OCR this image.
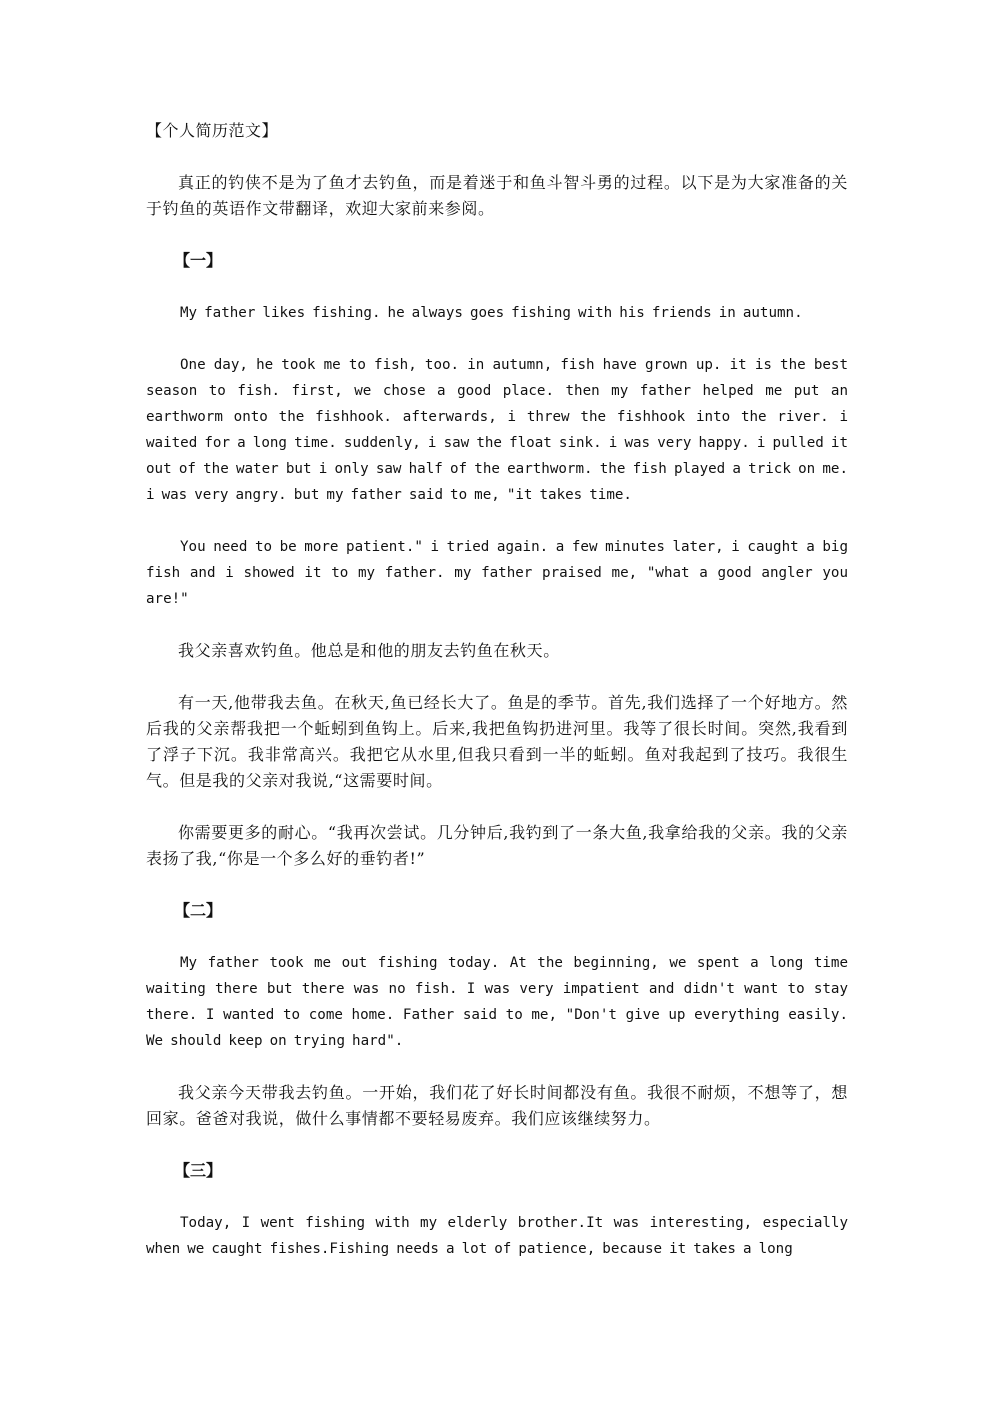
【个人简历范文】

真正的钓侠不是为了鱼才去钓鱼，而是着迷于和鱼斗智斗勇的过程。以下是为大家准备的关于钓鱼的英语作文带翻译，欢迎大家前来参阅。

【一】

My father likes fishing. he always goes fishing with his friends in autumn.

One day, he took me to fish, too. in autumn, fish have grown up. it is the best season to fish. first, we chose a good place. then my father helped me put an earthworm onto the fishhook. afterwards, i threw the fishhook into the river. i waited for a long time. suddenly, i saw the float sink. i was very happy. i pulled it out of the water but i only saw half of the earthworm. the fish played a trick on me. i was very angry. but my father said to me, "it takes time.

You need to be more patient." i tried again. a few minutes later, i caught a big fish and i showed it to my father. my father praised me, "what a good angler you are!"

我父亲喜欢钓鱼。他总是和他的朋友去钓鱼在秋天。

有一天,他带我去鱼。在秋天,鱼已经长大了。鱼是的季节。首先,我们选择了一个好地方。然后我的父亲帮我把一个蚯蚓到鱼钩上。后来,我把鱼钩扔进河里。我等了很长时间。突然,我看到了浮子下沉。我非常高兴。我把它从水里,但我只看到一半的蚯蚓。鱼对我起到了技巧。我很生气。但是我的父亲对我说,“这需要时间。

你需要更多的耐心。“我再次尝试。几分钟后,我钓到了一条大鱼,我拿给我的父亲。我的父亲表扬了我,“你是一个多么好的垂钓者!”

【二】

My father took me out fishing today. At the beginning, we spent a long time waiting there but there was no fish. I was very impatient and didn't want to stay there. I wanted to come home. Father said to me, "Don't give up everything easily. We should keep on trying hard".

我父亲今天带我去钓鱼。一开始，我们花了好长时间都没有鱼。我很不耐烦，不想等了，想回家。爸爸对我说，做什么事情都不要轻易废弃。我们应该继续努力。

【三】

Today, I went fishing with my elderly brother.It was interesting, especially when we caught fishes.Fishing needs a lot of patience, because it takes a long
